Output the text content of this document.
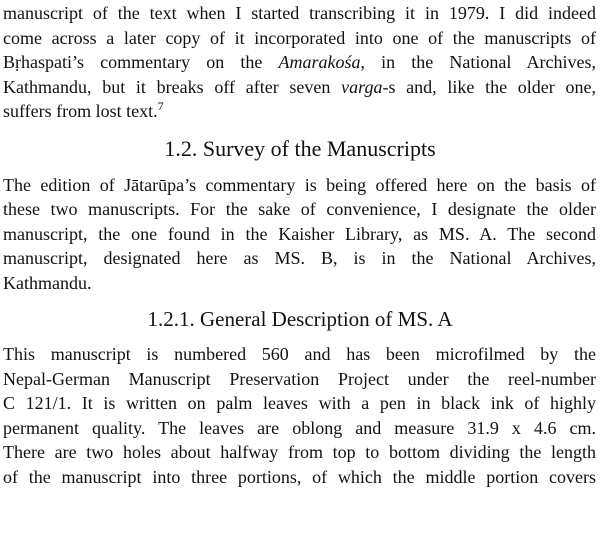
manuscript of the text when I started transcribing it in 1979. I did indeed
come across a later copy of it incorporated into one of the manuscripts of
Bṛhaspati’s commentary on the Amarakośa, in the National Archives,
Kathmandu, but it breaks off after seven varga-s and, like the older one,
suffers from lost text.$^7$

1.2. Survey of the Manuscripts

The edition of Jātarūpa’s commentary is being offered here on the basis of
these two manuscripts. For the sake of convenience, I designate the older
manuscript, the one found in the Kaisher Library, as MS. A. The second
manuscript, designated here as MS. B, is in the National Archives,
Kathmandu.

1.2.1. General Description of MS. A

This manuscript is numbered 560 and has been microfilmed by the
Nepal-German Manuscript Preservation Project under the reel-number
C 121/1. It is written on palm leaves with a pen in black ink of highly
permanent quality. The leaves are oblong and measure 31.9 x 4.6 cm.
There are two holes about halfway from top to bottom dividing the length
of the manuscript into three portions, of which the middle portion covers
